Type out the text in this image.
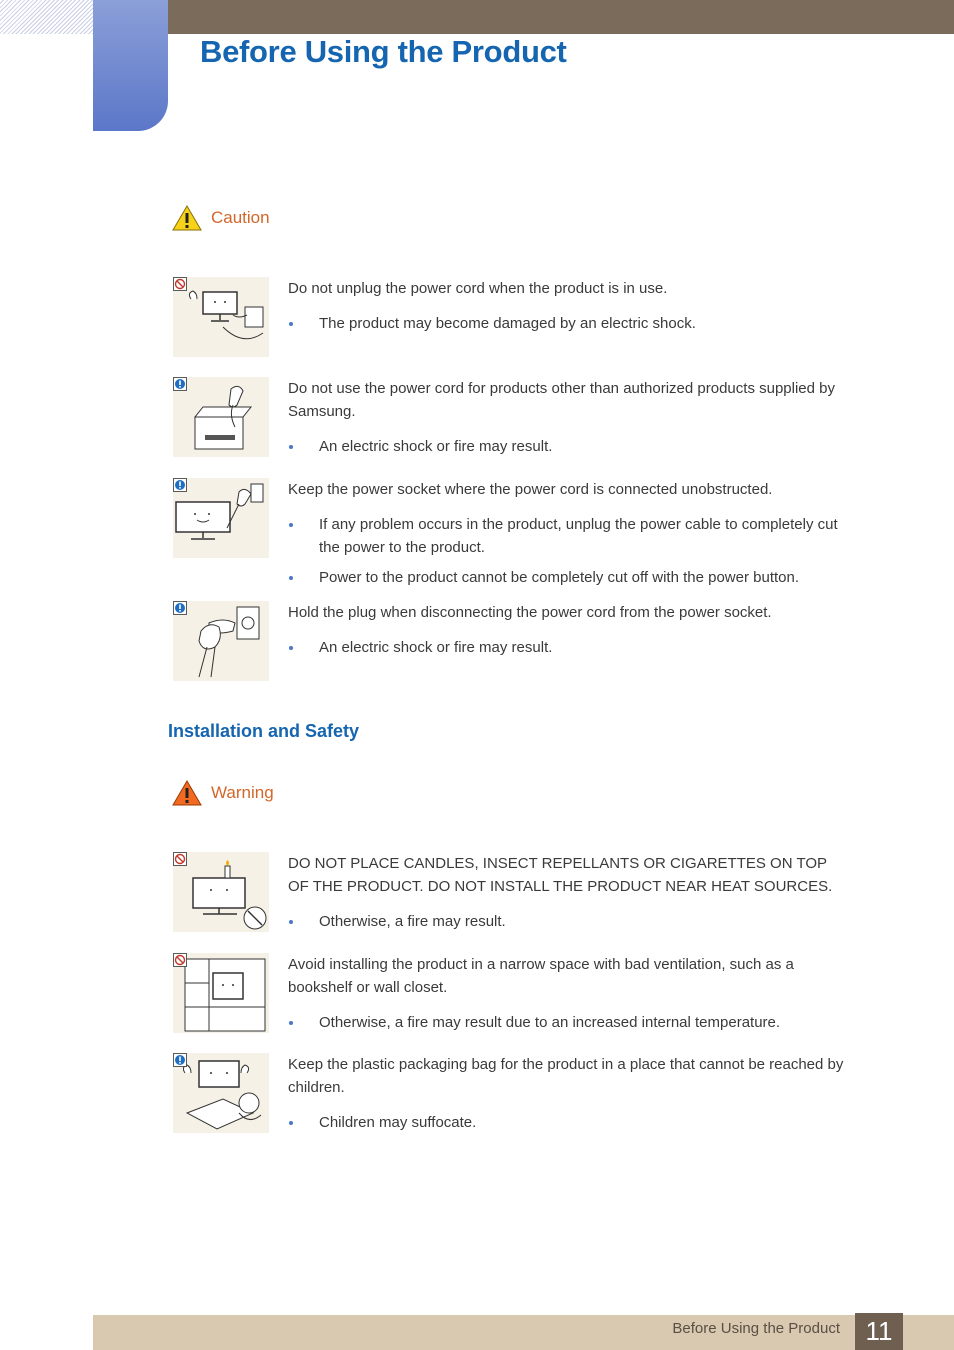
Before Using the Product
Caution

Do not unplug the power cord when the product is in use.

The product may become damaged by an electric shock.

Do not use the power cord for products other than authorized products supplied by Samsung.

An electric shock or fire may result.

Keep the power socket where the power cord is connected unobstructed.

If any problem occurs in the product, unplug the power cable to completely cut the power to the product.
Power to the product cannot be completely cut off with the power button.

Hold the plug when disconnecting the power cord from the power socket.

An electric shock or fire may result.
Installation and Safety
Warning

DO NOT PLACE CANDLES, INSECT REPELLANTS OR CIGARETTES ON TOP OF THE PRODUCT. DO NOT INSTALL THE PRODUCT NEAR HEAT SOURCES.

Otherwise, a fire may result.

Avoid installing the product in a narrow space with bad ventilation, such as a bookshelf or wall closet.

Otherwise, a fire may result due to an increased internal temperature.

Keep the plastic packaging bag for the product in a place that cannot be reached by children.

Children may suffocate.
Before Using the Product 11
